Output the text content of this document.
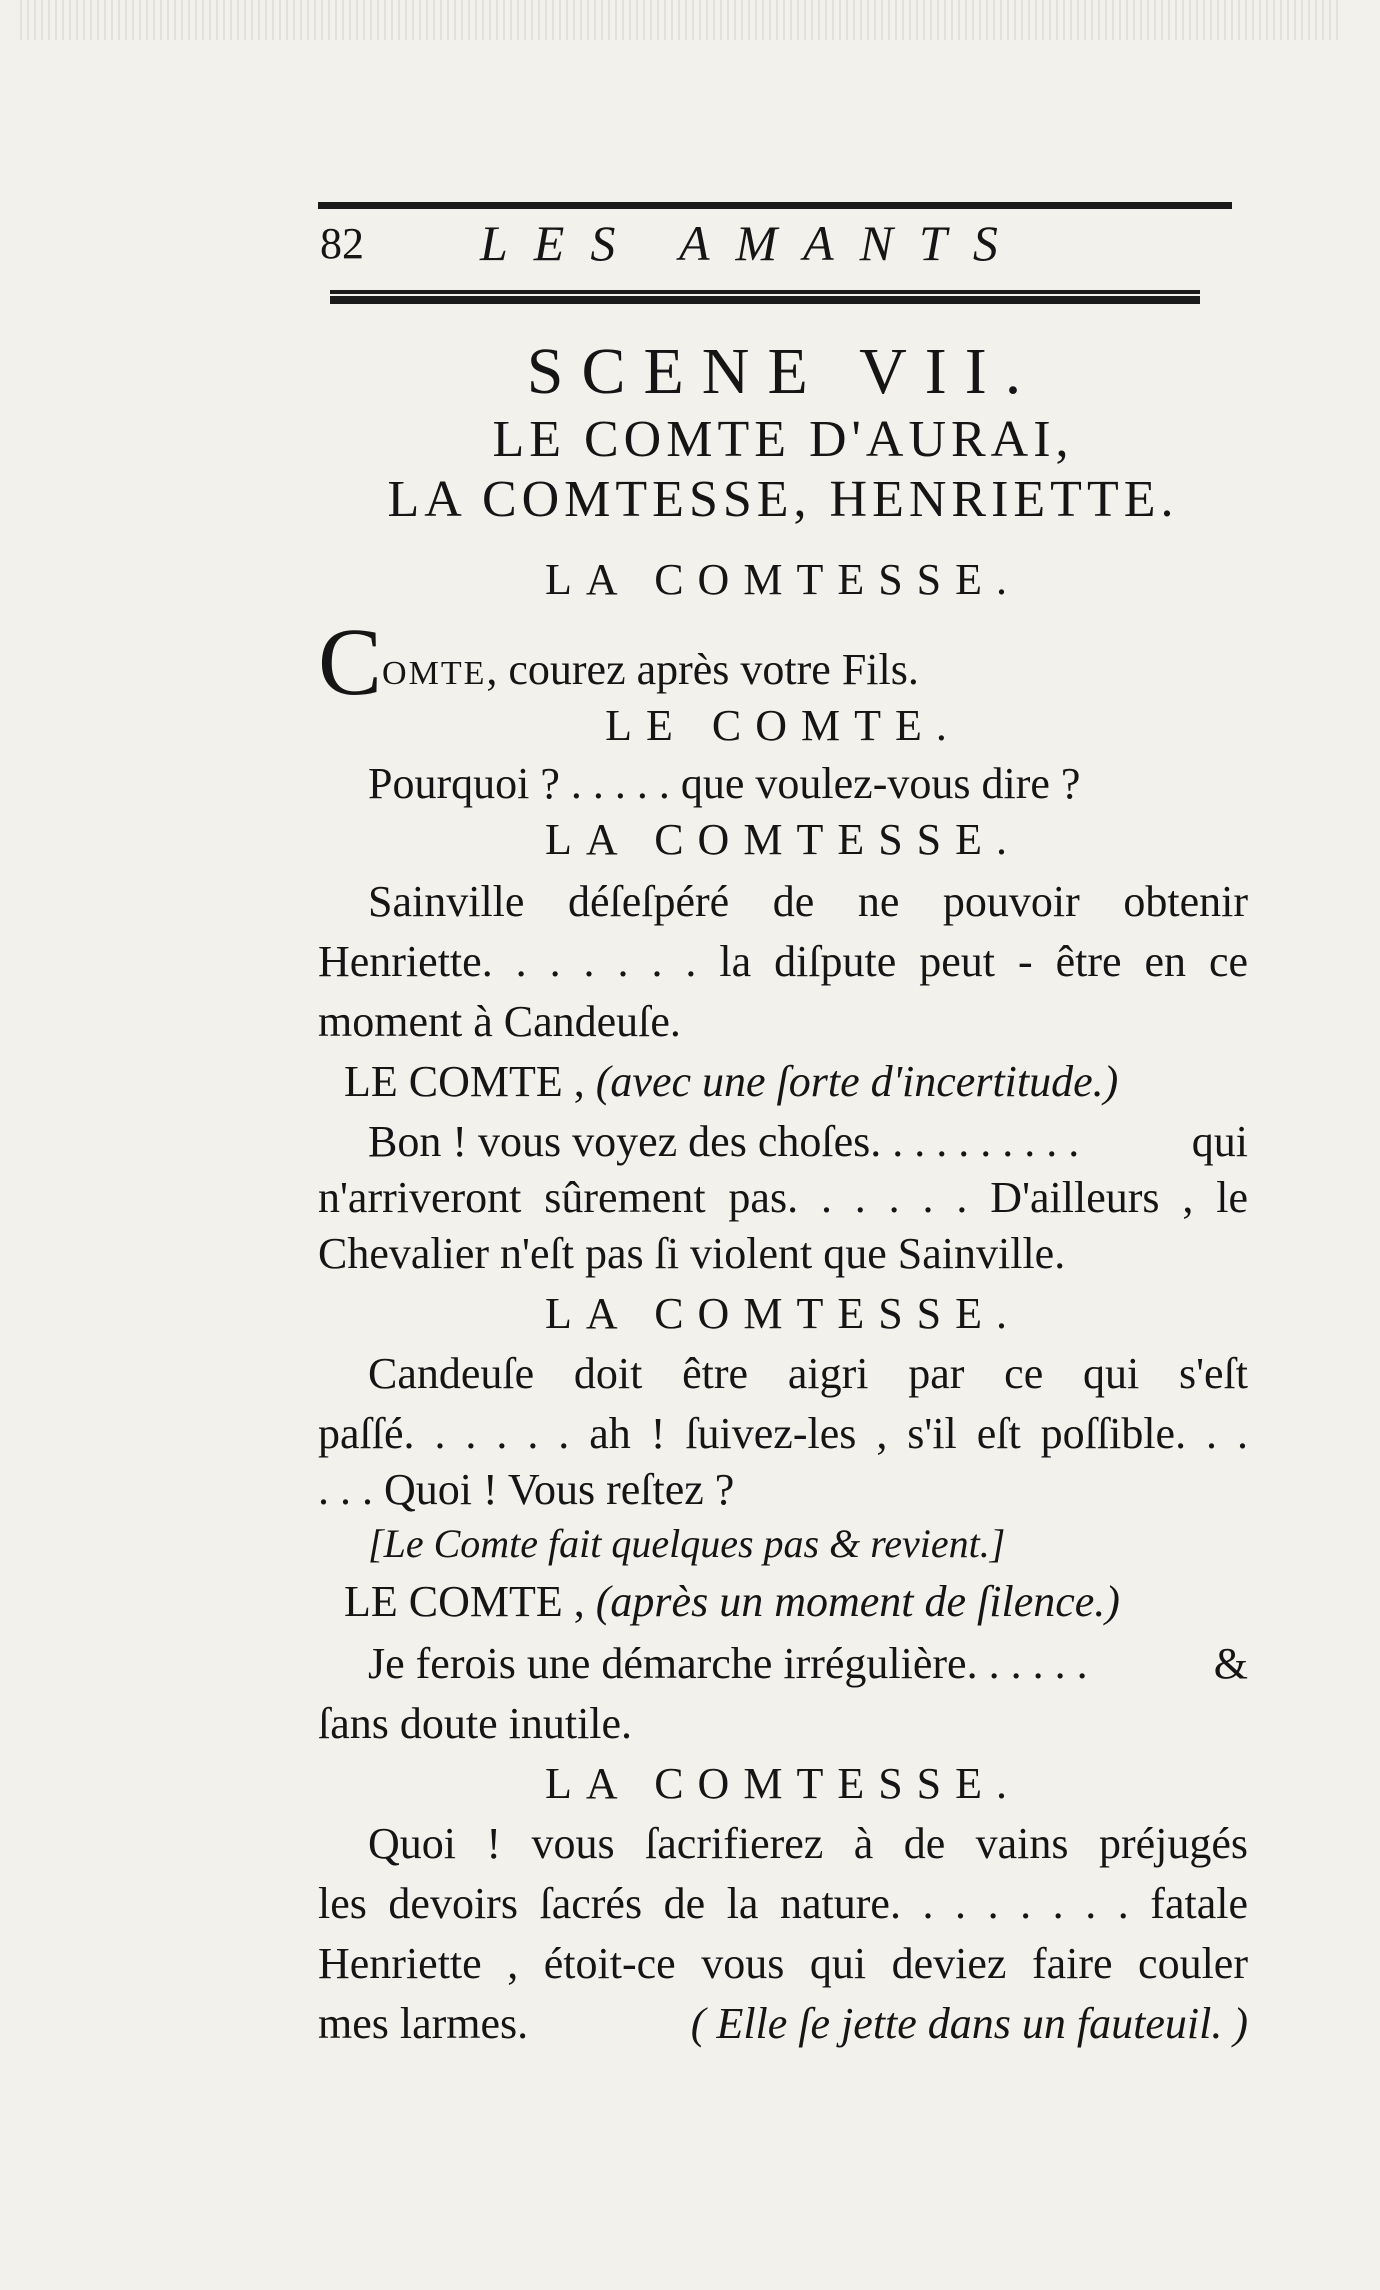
82 LES AMANTS
SCENE VII.
LE COMTE D'AURAI,
LA COMTESSE, HENRIETTE.
LA COMTESSE.
COMTE, courez après votre Fils.
LE COMTE.
Pourquoi ? . . . . . que voulez-vous dire ?
LA COMTESSE.
Sainville déſeſpéré de ne pouvoir obtenir
Henriette. . . . . . . la diſpute peut - être en ce
moment à Candeuſe.
LE COMTE , (avec une ſorte d'incertitude.)
Bon ! vous voyez des choſes. . . . . . . . . .	qui
n'arriveront sûrement pas. . . . . . D'ailleurs , le
Chevalier n'eſt pas ſi violent que Sainville.
LA COMTESSE.
Candeuſe doit être aigri par ce qui s'eſt
paſſé. . . . . . ah ! ſuivez-les , s'il eſt poſſible. . .
. . . Quoi ! Vous reſtez ?
[Le Comte fait quelques pas & revient.]
LE COMTE , (après un moment de ſilence.)
Je ferois une démarche irrégulière. . . . . .	&
ſans doute inutile.
LA COMTESSE.
Quoi ! vous ſacrifierez à de vains préjugés
les devoirs ſacrés de la nature. . . . . . . . fatale
Henriette , étoit-ce vous qui deviez faire couler
mes larmes.	( Elle ſe jette dans un fauteuil. )
